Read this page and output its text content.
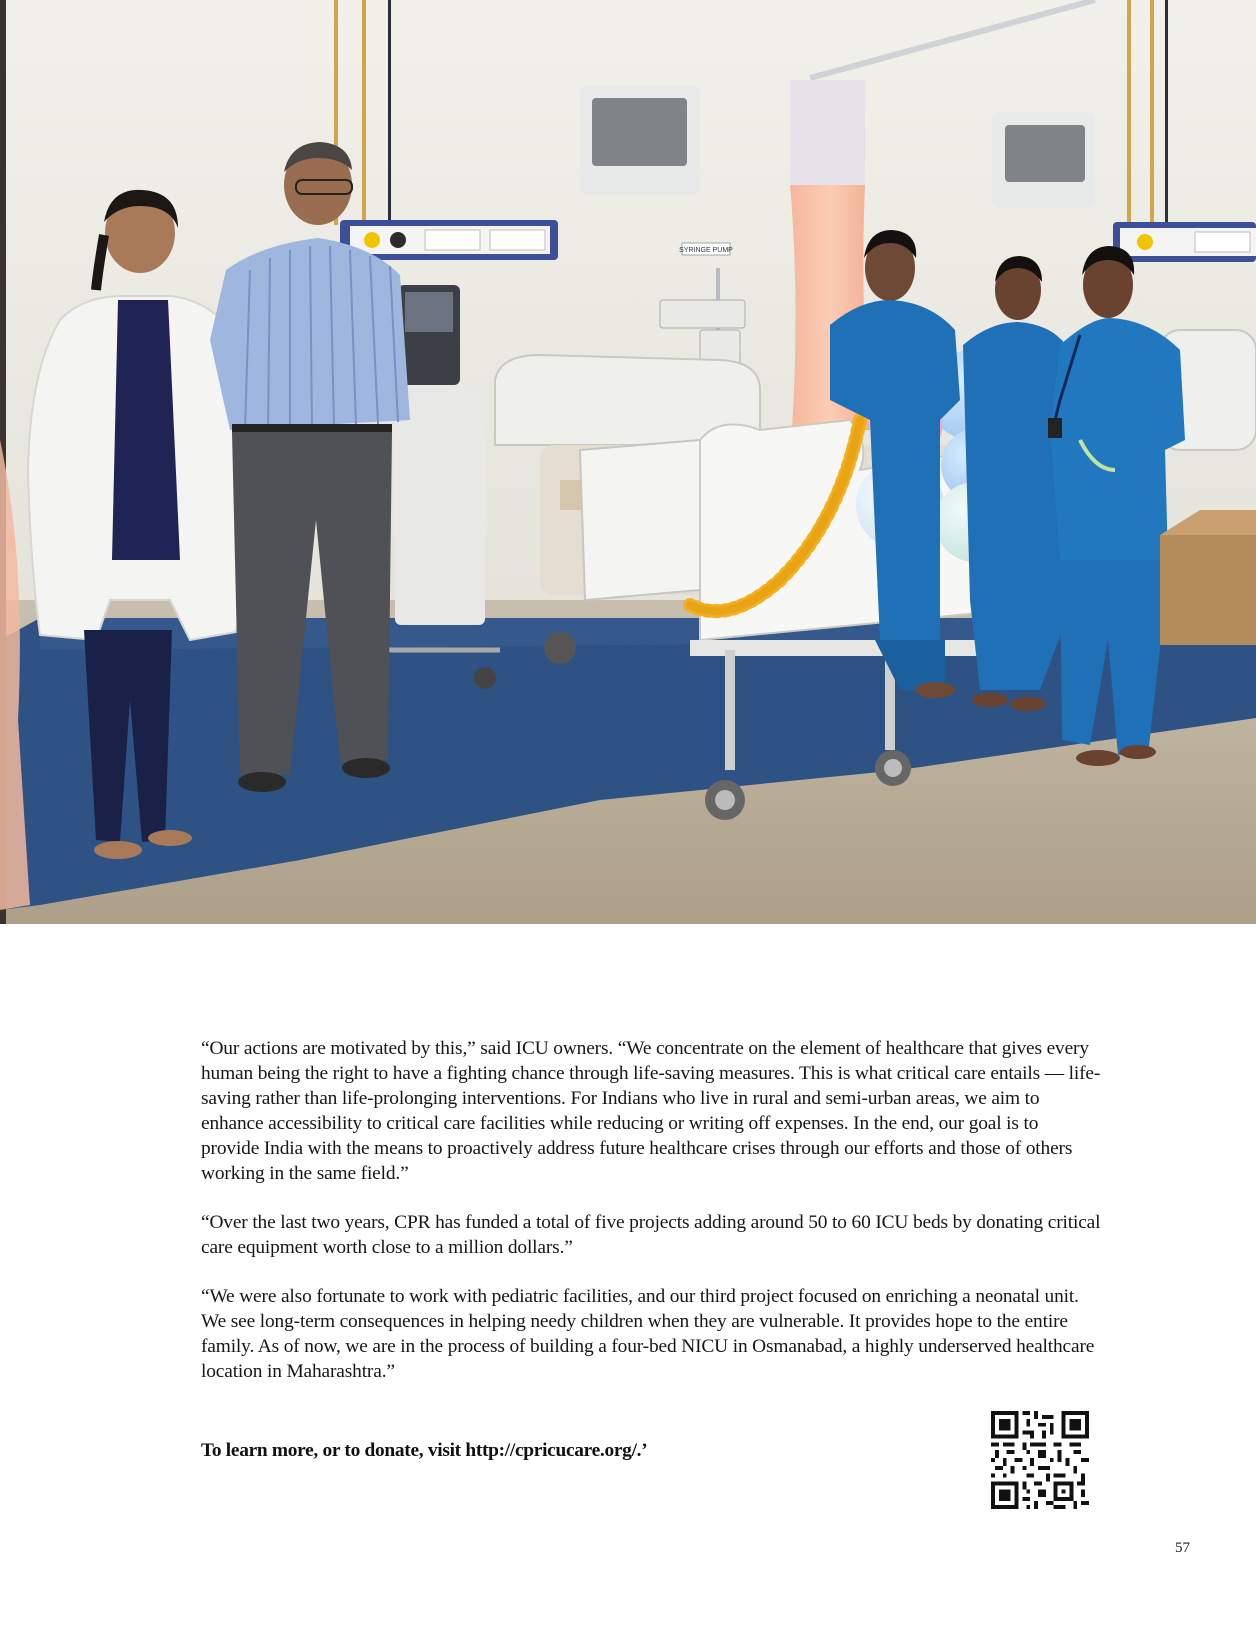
SYRINGE PUMP

“Our actions are motivated by this,” said ICU owners. “We concentrate on the element of healthcare that gives every human being the right to have a fighting chance through life-saving measures. This is what critical care entails — life-saving rather than life-prolonging interventions. For Indians who live in rural and semi-urban areas, we aim to enhance accessibility to critical care facilities while reducing or writing off expenses. In the end, our goal is to provide India with the means to proactively address future healthcare crises through our efforts and those of others working in the same field.”

“Over the last two years, CPR has funded a total of five projects adding around 50 to 60 ICU beds by donating critical care equipment worth close to a million dollars.”

“We were also fortunate to work with pediatric facilities, and our third project focused on enriching a neonatal unit. We see long-term consequences in helping needy children when they are vulnerable. It provides hope to the entire family. As of now, we are in the process of building a four-bed NICU in Osmanabad, a highly underserved healthcare location in Maharashtra.”

To learn more, or to donate, visit http://cpricucare.org/.’
57
